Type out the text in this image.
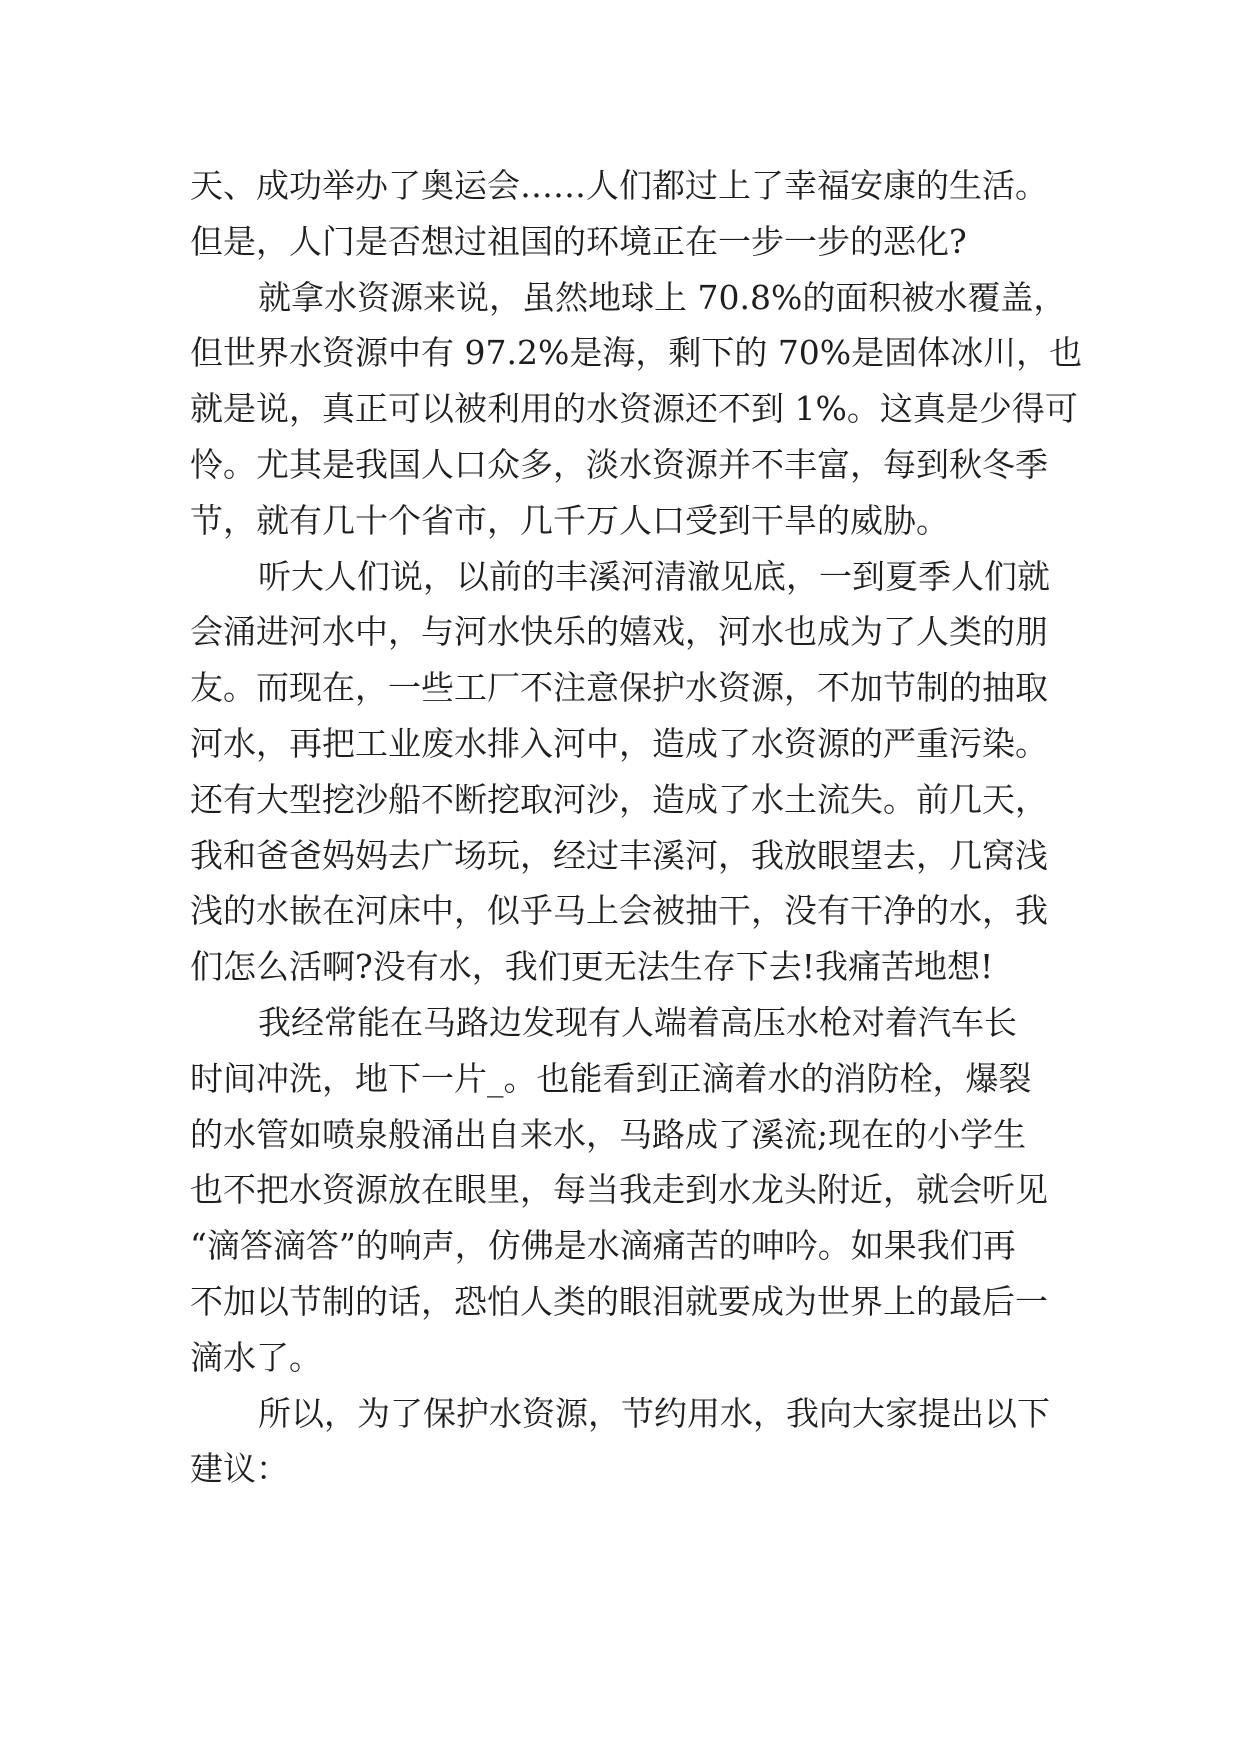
天、成功举办了奥运会……人们都过上了幸福安康的生活。
但是，人门是否想过祖国的环境正在一步一步的恶化?
就拿水资源来说，虽然地球上 70.8%的面积被水覆盖，
但世界水资源中有 97.2%是海，剩下的 70%是固体冰川，也
就是说，真正可以被利用的水资源还不到 1%。这真是少得可
怜。尤其是我国人口众多，淡水资源并不丰富，每到秋冬季
节，就有几十个省市，几千万人口受到干旱的威胁。
听大人们说，以前的丰溪河清澈见底，一到夏季人们就
会涌进河水中，与河水快乐的嬉戏，河水也成为了人类的朋
友。而现在，一些工厂不注意保护水资源，不加节制的抽取
河水，再把工业废水排入河中，造成了水资源的严重污染。
还有大型挖沙船不断挖取河沙，造成了水土流失。前几天，
我和爸爸妈妈去广场玩，经过丰溪河，我放眼望去，几窝浅
浅的水嵌在河床中，似乎马上会被抽干，没有干净的水，我
们怎么活啊?没有水，我们更无法生存下去!我痛苦地想!
我经常能在马路边发现有人端着高压水枪对着汽车长
时间冲洗，地下一片_。也能看到正滴着水的消防栓，爆裂
的水管如喷泉般涌出自来水，马路成了溪流;现在的小学生
也不把水资源放在眼里，每当我走到水龙头附近，就会听见
“滴答滴答”的响声，仿佛是水滴痛苦的呻吟。如果我们再
不加以节制的话，恐怕人类的眼泪就要成为世界上的最后一
滴水了。
所以，为了保护水资源，节约用水，我向大家提出以下
建议：
